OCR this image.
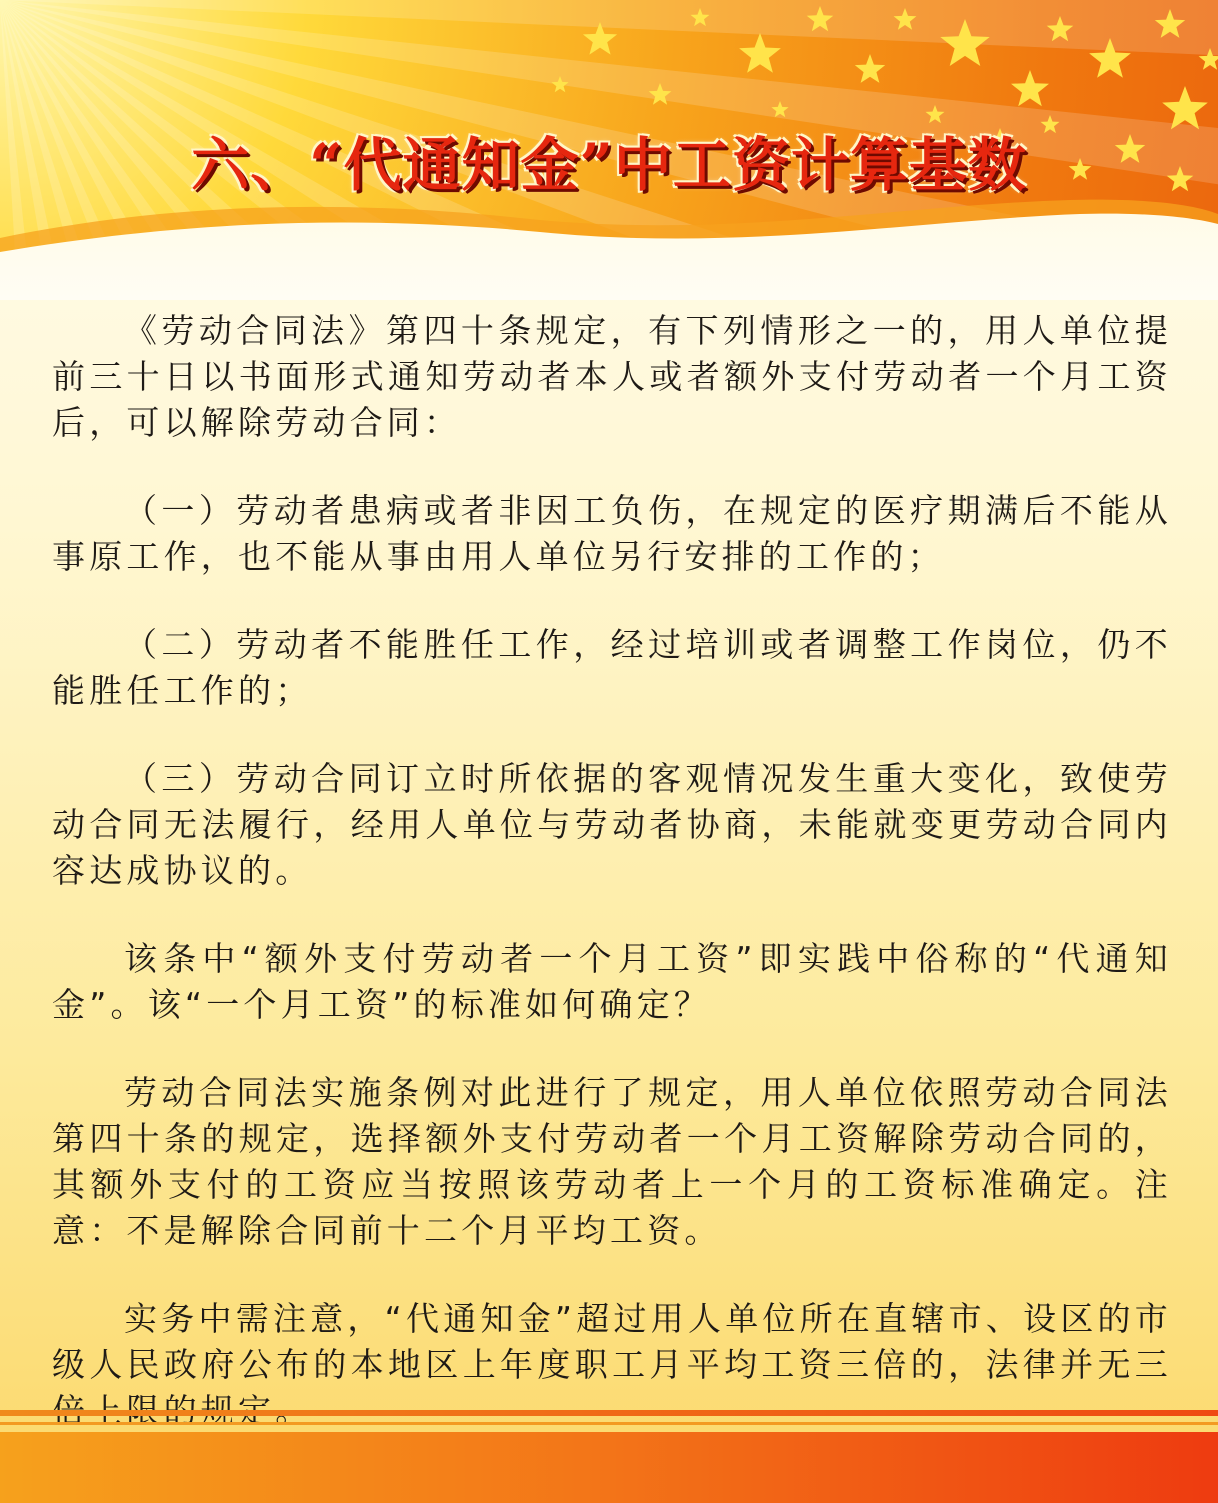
六、“代通知金”中工资计算基数

《劳动合同法》第四十条规定，有下列情形之一的，用人单位提前三十日以书面形式通知劳动者本人或者额外支付劳动者一个月工资后，可以解除劳动合同：

（一）劳动者患病或者非因工负伤，在规定的医疗期满后不能从事原工作，也不能从事由用人单位另行安排的工作的；

（二）劳动者不能胜任工作，经过培训或者调整工作岗位，仍不能胜任工作的；

（三）劳动合同订立时所依据的客观情况发生重大变化，致使劳动合同无法履行，经用人单位与劳动者协商，未能就变更劳动合同内容达成协议的。

该条中“额外支付劳动者一个月工资”即实践中俗称的“代通知金”。该“一个月工资”的标准如何确定？

劳动合同法实施条例对此进行了规定，用人单位依照劳动合同法第四十条的规定，选择额外支付劳动者一个月工资解除劳动合同的，其额外支付的工资应当按照该劳动者上一个月的工资标准确定。注意：不是解除合同前十二个月平均工资。

实务中需注意，“代通知金”超过用人单位所在直辖市、设区的市级人民政府公布的本地区上年度职工月平均工资三倍的，法律并无三
